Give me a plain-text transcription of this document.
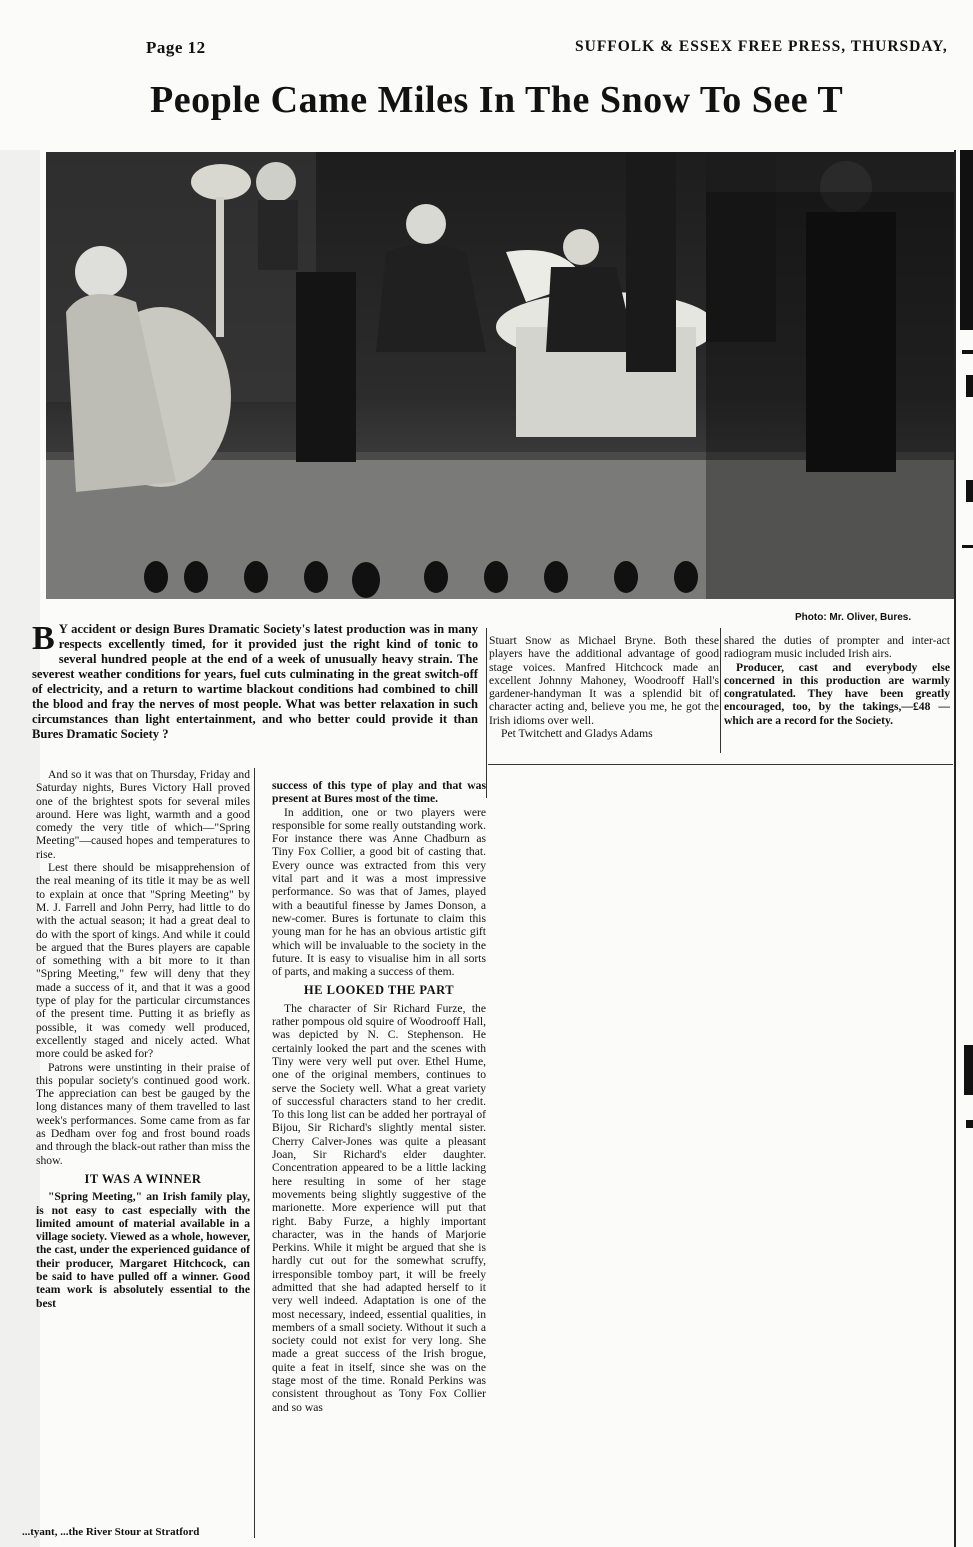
Page 12	SUFFOLK & ESSEX FREE PRESS, THURSDAY,
People Came Miles In The Snow To See T
Photo: Mr. Oliver, Bures.
B Y accident or design Bures Dramatic Society's latest production was in many respects excellently timed, for it provided just the right kind of tonic to several hundred people at the end of a week of unusually heavy strain. The severest weather conditions for years, fuel cuts culminating in the great switch-off of electricity, and a return to wartime blackout conditions had combined to chill the blood and fray the nerves of most people. What was better relaxation in such circumstances than light entertainment, and who better could provide it than Bures Dramatic Society ?

And so it was that on Thursday, Friday and Saturday nights, Bures Victory Hall proved one of the brightest spots for several miles around. Here was light, warmth and a good comedy the very title of which—"Spring Meeting"—caused hopes and temperatures to rise.

Lest there should be misapprehension of the real meaning of its title it may be as well to explain at once that "Spring Meeting" by M. J. Farrell and John Perry, had little to do with the actual season; it had a great deal to do with the sport of kings. And while it could be argued that the Bures players are capable of something with a bit more to it than "Spring Meeting," few will deny that they made a success of it, and that it was a good type of play for the particular circumstances of the present time. Putting it as briefly as possible, it was comedy well produced, excellently staged and nicely acted. What more could be asked for?

Patrons were unstinting in their praise of this popular society's continued good work. The appreciation can best be gauged by the long distances many of them travelled to last week's performances. Some came from as far as Dedham over fog and frost bound roads and through the black-out rather than miss the show.

IT WAS A WINNER

"Spring Meeting," an Irish family play, is not easy to cast especially with the limited amount of material available in a village society. Viewed as a whole, however, the cast, under the experienced guidance of their producer, Margaret Hitchcock, can be said to have pulled off a winner. Good team work is absolutely essential to the best

success of this type of play and that was present at Bures most of the time.

In addition, one or two players were responsible for some really outstanding work. For instance there was Anne Chadburn as Tiny Fox Collier, a good bit of casting that. Every ounce was extracted from this very vital part and it was a most impressive performance. So was that of James, played with a beautiful finesse by James Donson, a new-comer. Bures is fortunate to claim this young man for he has an obvious artistic gift which will be invaluable to the society in the future. It is easy to visualise him in all sorts of parts, and making a success of them.

HE LOOKED THE PART

The character of Sir Richard Furze, the rather pompous old squire of Woodrooff Hall, was depicted by N. C. Stephenson. He certainly looked the part and the scenes with Tiny were very well put over. Ethel Hume, one of the original members, continues to serve the Society well. What a great variety of successful characters stand to her credit. To this long list can be added her portrayal of Bijou, Sir Richard's slightly mental sister. Cherry Calver-Jones was quite a pleasant Joan, Sir Richard's elder daughter. Concentration appeared to be a little lacking here resulting in some of her stage movements being slightly suggestive of the marionette. More experience will put that right. Baby Furze, a highly important character, was in the hands of Marjorie Perkins. While it might be argued that she is hardly cut out for the somewhat scruffy, irresponsible tomboy part, it will be freely admitted that she had adapted herself to it very well indeed. Adaptation is one of the most necessary, indeed, essential qualities, in members of a small society. Without it such a society could not exist for very long. She made a great success of the Irish brogue, quite a feat in itself, since she was on the stage most of the time. Ronald Perkins was consistent throughout as Tony Fox Collier and so was

Stuart Snow as Michael Bryne. Both these players have the additional advantage of good stage voices. Manfred Hitchcock made an excellent Johnny Mahoney, Woodrooff Hall's gardener-handyman It was a splendid bit of character acting and, believe you me, he got the Irish idioms over well.

Pet Twitchett and Gladys Adams

shared the duties of prompter and inter-act radiogram music included Irish airs.

Producer, cast and everybody else concerned in this production are warmly congratulated. They have been greatly encouraged, too, by the takings,—£48 —which are a record for the Society.

...tyant, ...the River Stour at Stratford
